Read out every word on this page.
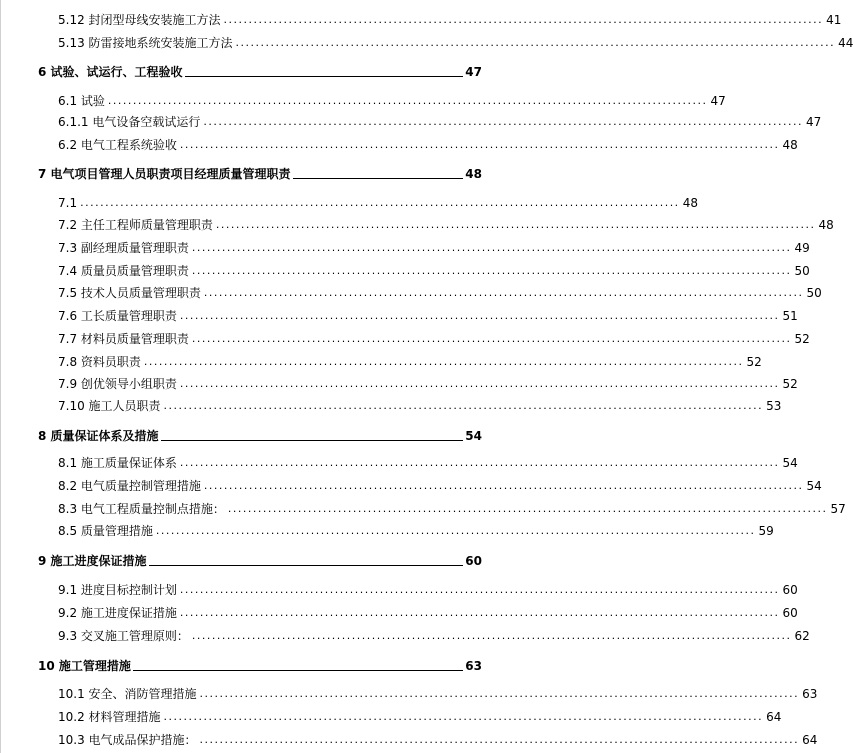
5.12 封闭型母线安装施工方法 ........................................................................................................................ 41
5.13 防雷接地系统安装施工方法 ........................................................................................................................ 44
6 试验、试运行、工程验收	47
6.1 试验 ........................................................................................................................ 47
6.1.1 电气设备空载试运行 ........................................................................................................................ 47
6.2 电气工程系统验收 ........................................................................................................................ 48
7 电气项目管理人员职责项目经理质量管理职责	48
7.1 ........................................................................................................................ 48
7.2 主任工程师质量管理职责 ........................................................................................................................ 48
7.3 副经理质量管理职责 ........................................................................................................................ 49
7.4 质量员质量管理职责 ........................................................................................................................ 50
7.5 技术人员质量管理职责 ........................................................................................................................ 50
7.6 工长质量管理职责 ........................................................................................................................ 51
7.7 材料员质量管理职责 ........................................................................................................................ 52
7.8 资料员职责 ........................................................................................................................ 52
7.9 创优领导小组职责 ........................................................................................................................ 52
7.10 施工人员职责 ........................................................................................................................ 53
8 质量保证体系及措施	54
8.1 施工质量保证体系 ........................................................................................................................ 54
8.2 电气质量控制管理措施 ........................................................................................................................ 54
8.3 电气工程质量控制点措施： ........................................................................................................................ 57
8.5 质量管理措施 ........................................................................................................................ 59
9 施工进度保证措施	60
9.1 进度目标控制计划 ........................................................................................................................ 60
9.2 施工进度保证措施 ........................................................................................................................ 60
9.3 交叉施工管理原则： ........................................................................................................................ 62
10 施工管理措施	63
10.1 安全、消防管理措施 ........................................................................................................................ 63
10.2 材料管理措施 ........................................................................................................................ 64
10.3 电气成品保护措施： ........................................................................................................................ 64
